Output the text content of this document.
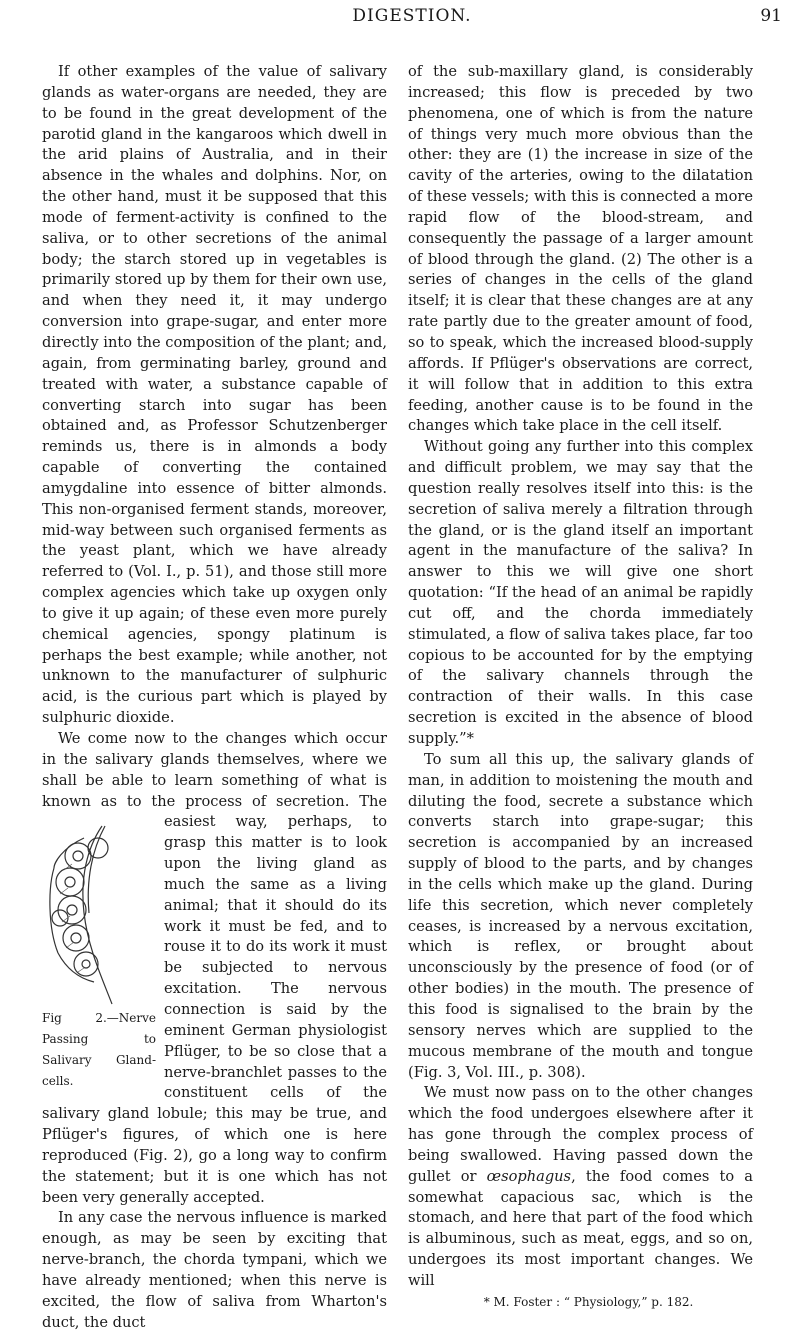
DIGESTION.	91

If other examples of the value of salivary glands as water-organs are needed, they are to be found in the great development of the parotid gland in the kangaroos which dwell in the arid plains of Australia, and in their absence in the whales and dolphins. Nor, on the other hand, must it be supposed that this mode of ferment-activity is confined to the saliva, or to other secretions of the animal body; the starch stored up in vegetables is primarily stored up by them for their own use, and when they need it, it may undergo conversion into grape-sugar, and enter more directly into the composition of the plant; and, again, from germinating barley, ground and treated with water, a substance capable of converting starch into sugar has been obtained and, as Professor Schutzenberger reminds us, there is in almonds a body capable of converting the contained amygdaline into essence of bitter almonds. This non-organised ferment stands, moreover, mid-way between such organised ferments as the yeast plant, which we have already referred to (Vol. I., p. 51), and those still more complex agencies which take up oxygen only to give it up again; of these even more purely chemical agencies, spongy platinum is perhaps the best example; while another, not unknown to the manufacturer of sulphuric acid, is the curious part which is played by sulphuric dioxide.

We come now to the changes which occur in the salivary glands themselves, where we shall be able to learn something of what is known as to the process of secretion.
Fig 2.—Nerve Passing to Salivary Gland-cells.
The easiest way, perhaps, to grasp this matter is to look upon the living gland as much the same as a living animal; that it should do its work it must be fed, and to rouse it to do its work it must be subjected to nervous excitation. The nervous connection is said by the eminent German physiologist Pflüger, to be so close that a nerve-branchlet passes to the constituent cells of the salivary gland lobule; this may be true, and Pflüger's figures, of which one is here reproduced (Fig. 2), go a long way to confirm the statement; but it is one which has not been very generally accepted.

In any case the nervous influence is marked enough, as may be seen by exciting that nerve-branch, the chorda tympani, which we have already mentioned; when this nerve is excited, the flow of saliva from Wharton's duct, the duct

of the sub-maxillary gland, is considerably increased; this flow is preceded by two phenomena, one of which is from the nature of things very much more obvious than the other: they are (1) the increase in size of the cavity of the arteries, owing to the dilatation of these vessels; with this is connected a more rapid flow of the blood-stream, and consequently the passage of a larger amount of blood through the gland. (2) The other is a series of changes in the cells of the gland itself; it is clear that these changes are at any rate partly due to the greater amount of food, so to speak, which the increased blood-supply affords. If Pflüger's observations are correct, it will follow that in addition to this extra feeding, another cause is to be found in the changes which take place in the cell itself.

Without going any further into this complex and difficult problem, we may say that the question really resolves itself into this: is the secretion of saliva merely a filtration through the gland, or is the gland itself an important agent in the manufacture of the saliva? In answer to this we will give one short quotation: “If the head of an animal be rapidly cut off, and the chorda immediately stimulated, a flow of saliva takes place, far too copious to be accounted for by the emptying of the salivary channels through the contraction of their walls. In this case secretion is excited in the absence of blood supply.”*

To sum all this up, the salivary glands of man, in addition to moistening the mouth and diluting the food, secrete a substance which converts starch into grape-sugar; this secretion is accompanied by an increased supply of blood to the parts, and by changes in the cells which make up the gland. During life this secretion, which never completely ceases, is increased by a nervous excitation, which is reflex, or brought about unconsciously by the presence of food (or of other bodies) in the mouth. The presence of this food is signalised to the brain by the sensory nerves which are supplied to the mucous membrane of the mouth and tongue (Fig. 3, Vol. III., p. 308).

We must now pass on to the other changes which the food undergoes elsewhere after it has gone through the complex process of being swallowed. Having passed down the gullet or œsophagus, the food comes to a somewhat capacious sac, which is the stomach, and here that part of the food which is albuminous, such as meat, eggs, and so on, undergoes its most important changes. We will

* M. Foster : “ Physiology,” p. 182.
